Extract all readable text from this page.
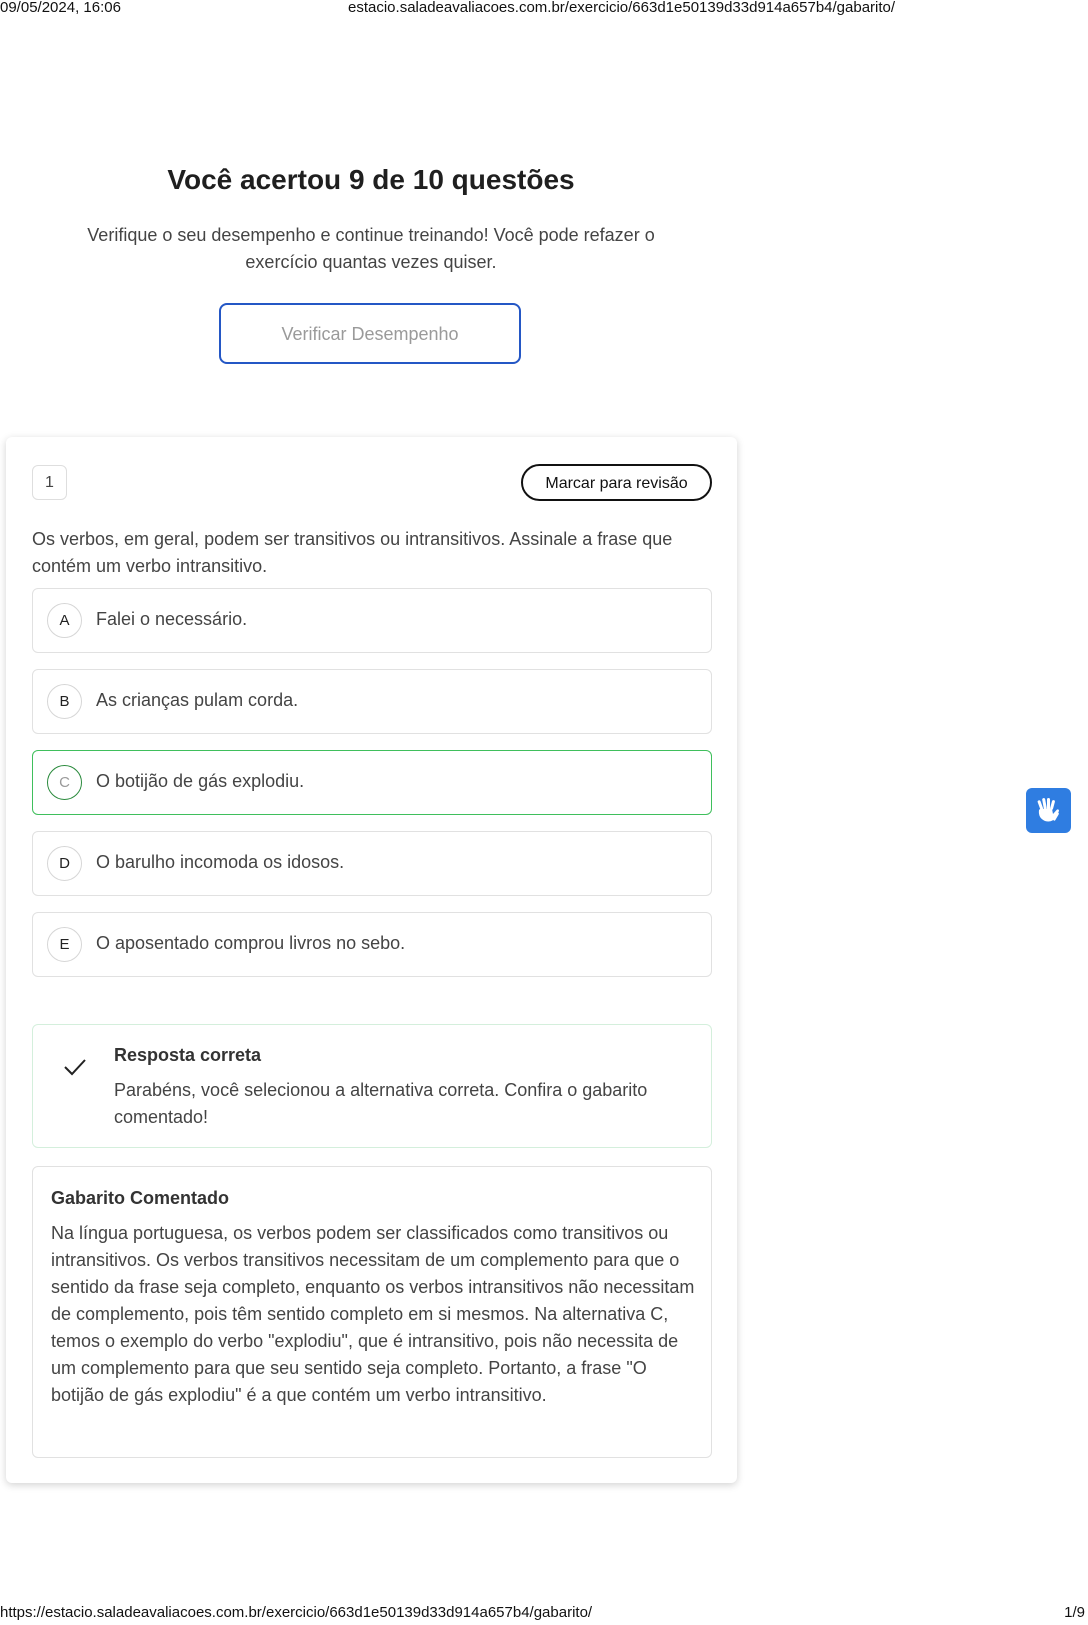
09/05/2024, 16:06	estacio.saladeavaliacoes.com.br/exercicio/663d1e50139d33d914a657b4/gabarito/
Você acertou 9 de 10 questões

Verifique o seu desempenho e continue treinando! Você pode refazer o exercício quantas vezes quiser.

Verificar Desempenho
1	Marcar para revisão

Os verbos, em geral, podem ser transitivos ou intransitivos. Assinale a frase que contém um verbo intransitivo.

A	Falei o necessário.
B	As crianças pulam corda.
C	O botijão de gás explodiu.
D	O barulho incomoda os idosos.
E	O aposentado comprou livros no sebo.
Resposta correta
Parabéns, você selecionou a alternativa correta. Confira o gabarito comentado!
Gabarito Comentado
Na língua portuguesa, os verbos podem ser classificados como transitivos ou intransitivos. Os verbos transitivos necessitam de um complemento para que o sentido da frase seja completo, enquanto os verbos intransitivos não necessitam de complemento, pois têm sentido completo em si mesmos. Na alternativa C, temos o exemplo do verbo "explodiu", que é intransitivo, pois não necessita de um complemento para que seu sentido seja completo. Portanto, a frase "O botijão de gás explodiu" é a que contém um verbo intransitivo.
https://estacio.saladeavaliacoes.com.br/exercicio/663d1e50139d33d914a657b4/gabarito/	1/9
